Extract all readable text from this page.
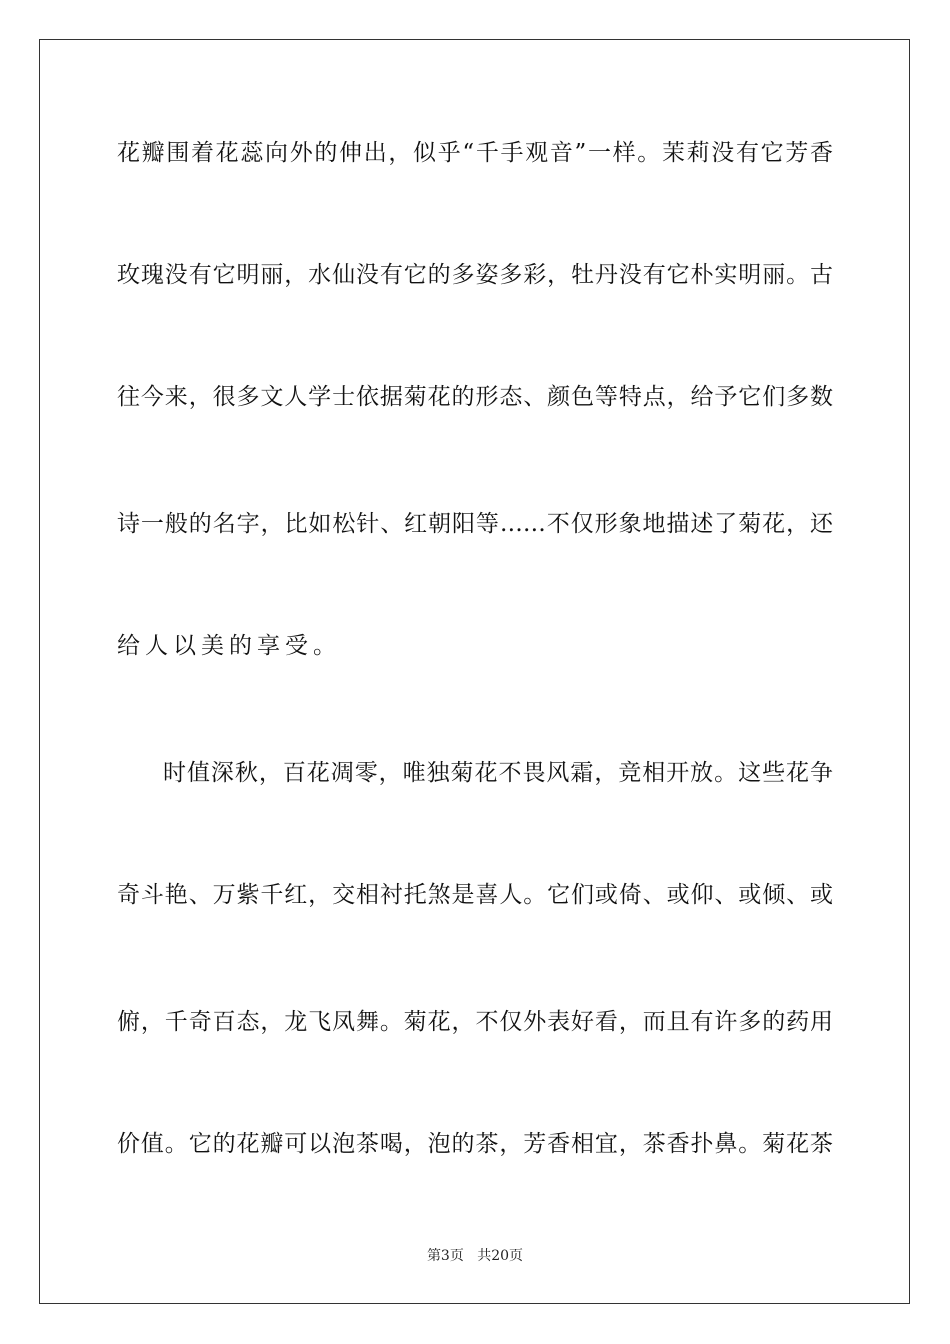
花瓣围着花蕊向外的伸出，似乎“千手观音”一样。茉莉没有它芳香
玫瑰没有它明丽，水仙没有它的多姿多彩，牡丹没有它朴实明丽。古
往今来，很多文人学士依据菊花的形态、颜色等特点，给予它们多数
诗一般的名字，比如松针、红朝阳等……不仅形象地描述了菊花，还
给人以美的享受。
时值深秋，百花凋零，唯独菊花不畏风霜，竞相开放。这些花争
奇斗艳、万紫千红，交相衬托煞是喜人。它们或倚、或仰、或倾、或
俯，千奇百态，龙飞凤舞。菊花，不仅外表好看，而且有许多的药用
价值。它的花瓣可以泡茶喝，泡的茶，芳香相宜，茶香扑鼻。菊花茶
第3页 共20页
